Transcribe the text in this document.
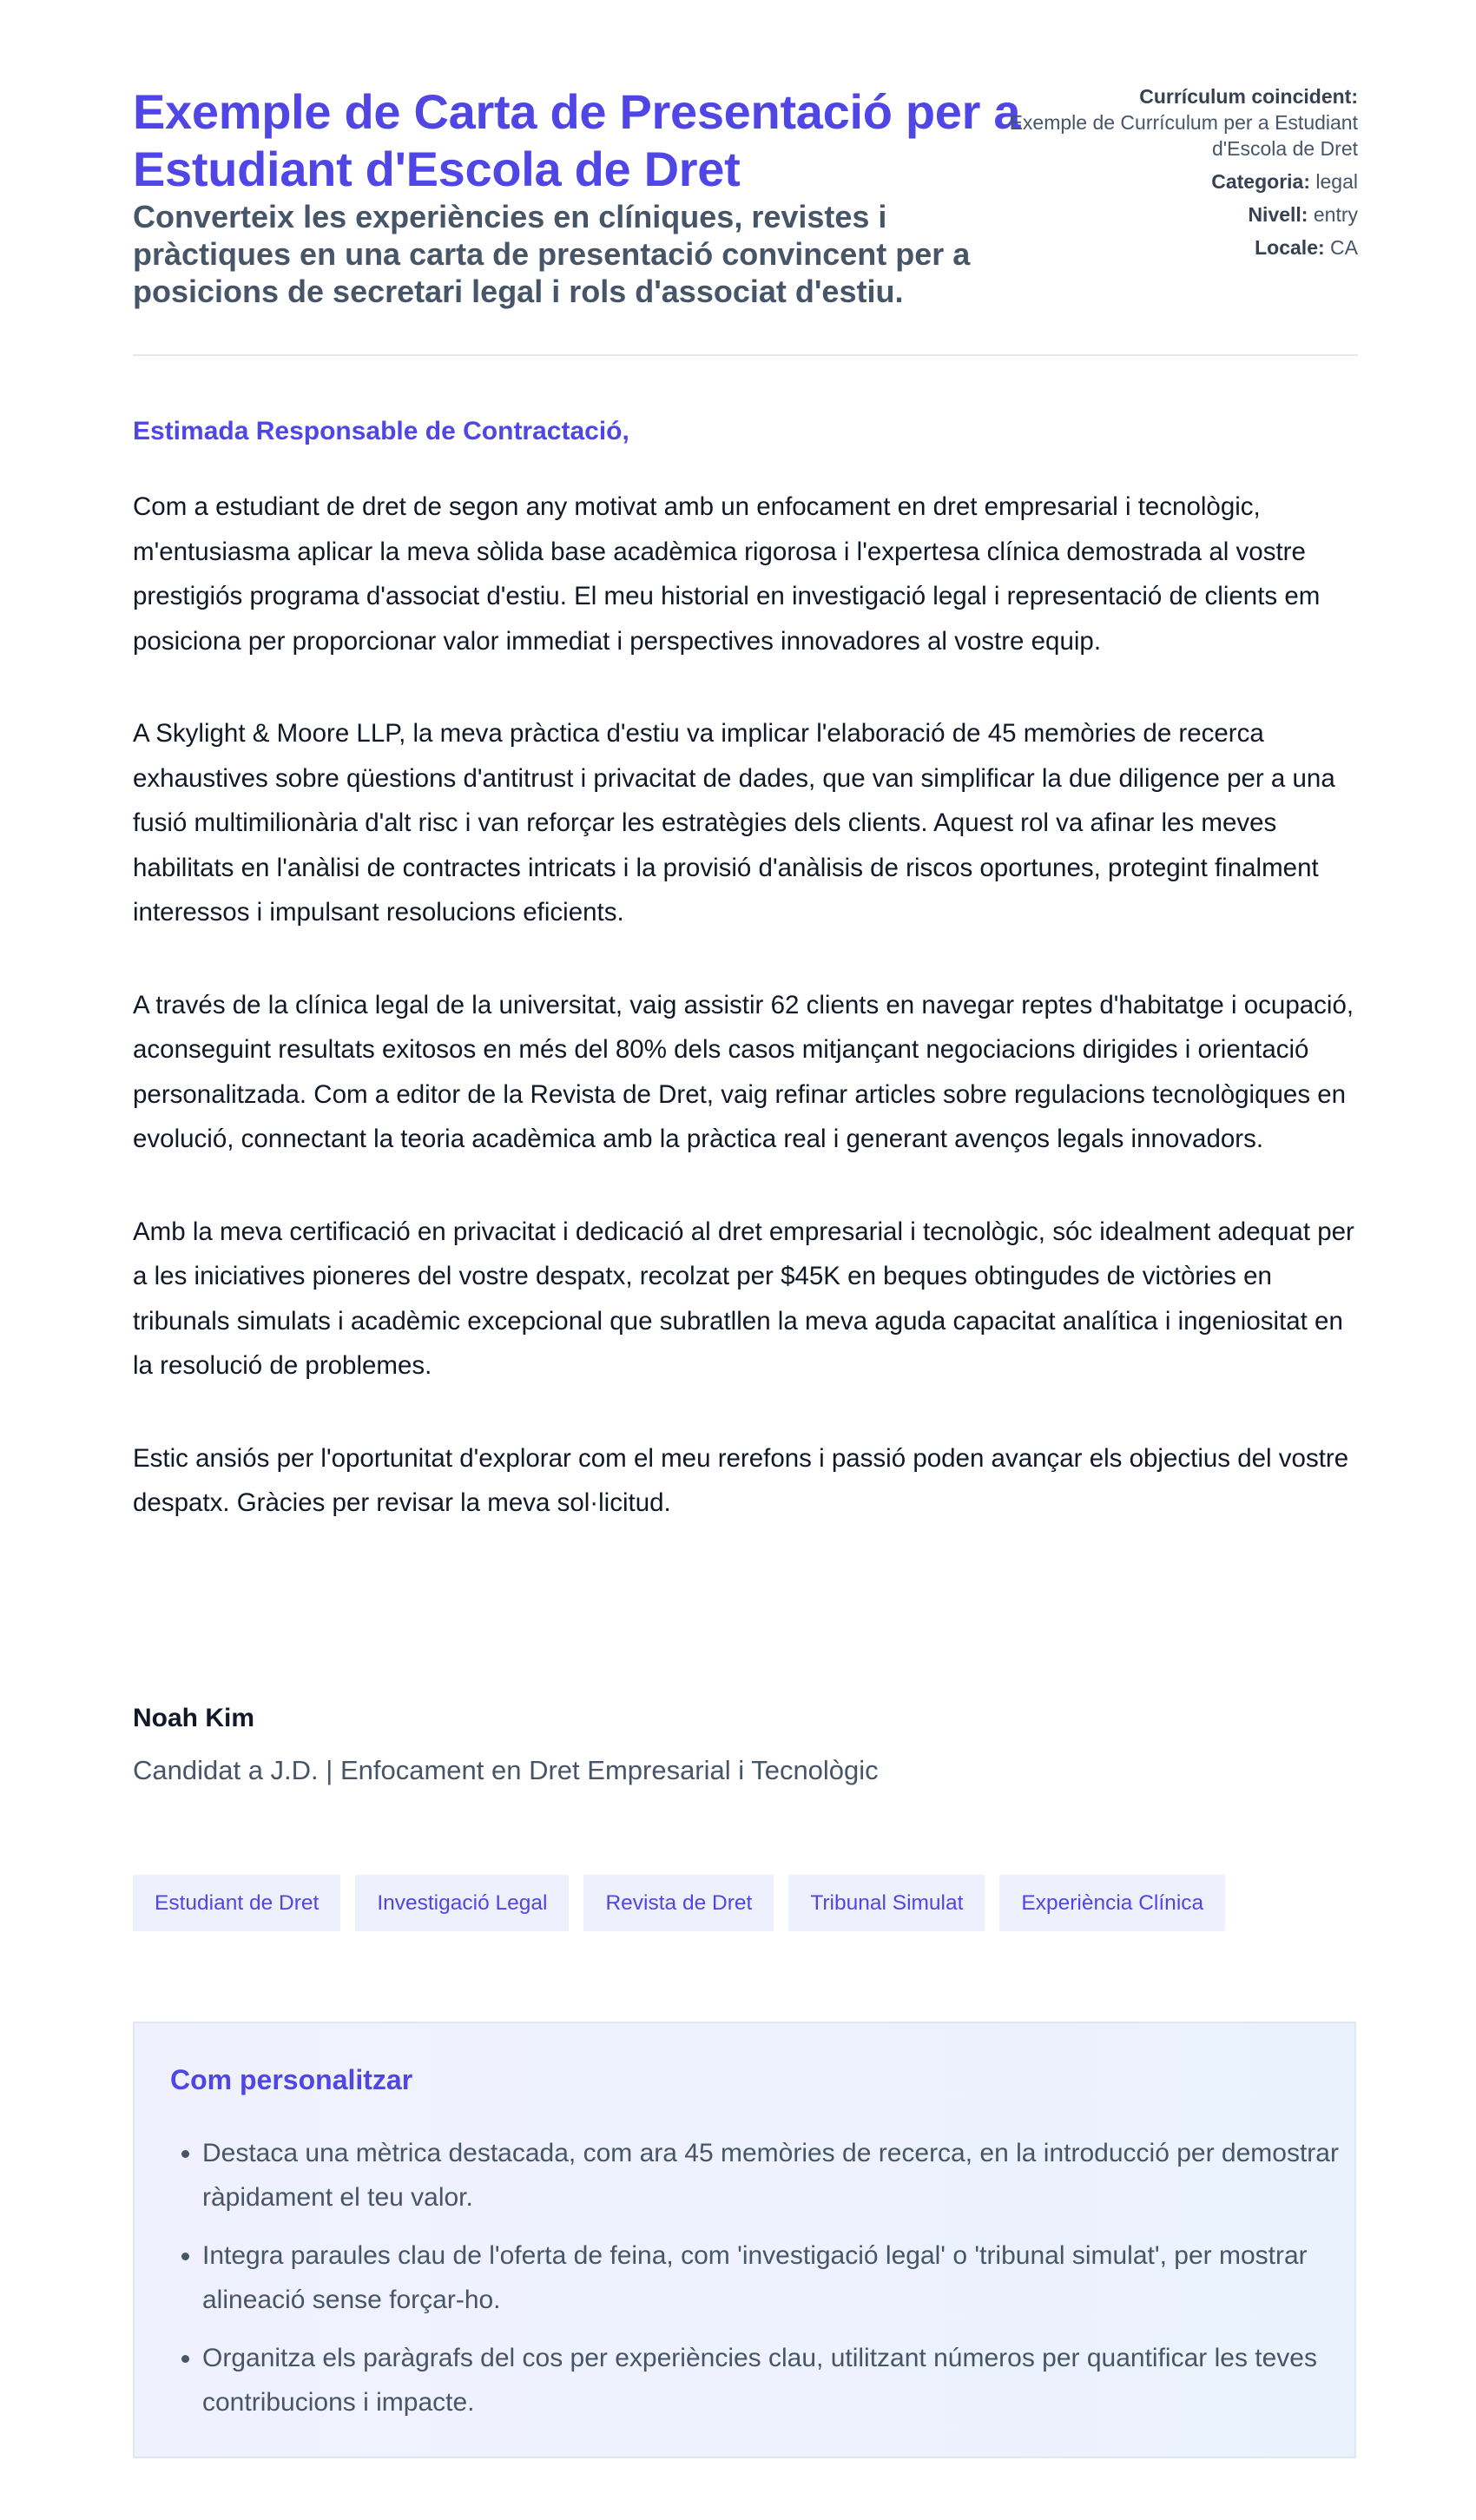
Exemple de Carta de Presentació per a Estudiant d'Escola de Dret
Converteix les experiències en clíniques, revistes i pràctiques en una carta de presentació convincent per a posicions de secretari legal i rols d'associat d'estiu.
Currículum coincident:
Exemple de Currículum per a Estudiant d'Escola de Dret
Categoria: legal
Nivell: entry
Locale: CA
Estimada Responsable de Contractació,

Com a estudiant de dret de segon any motivat amb un enfocament en dret empresarial i tecnològic, m'entusiasma aplicar la meva sòlida base acadèmica rigorosa i l'expertesa clínica demostrada al vostre prestigiós programa d'associat d'estiu. El meu historial en investigació legal i representació de clients em posiciona per proporcionar valor immediat i perspectives innovadores al vostre equip.

A Skylight & Moore LLP, la meva pràctica d'estiu va implicar l'elaboració de 45 memòries de recerca exhaustives sobre qüestions d'antitrust i privacitat de dades, que van simplificar la due diligence per a una fusió multimilionària d'alt risc i van reforçar les estratègies dels clients. Aquest rol va afinar les meves habilitats en l'anàlisi de contractes intricats i la provisió d'anàlisis de riscos oportunes, protegint finalment interessos i impulsant resolucions eficients.

A través de la clínica legal de la universitat, vaig assistir 62 clients en navegar reptes d'habitatge i ocupació, aconseguint resultats exitosos en més del 80% dels casos mitjançant negociacions dirigides i orientació personalitzada. Com a editor de la Revista de Dret, vaig refinar articles sobre regulacions tecnològiques en evolució, connectant la teoria acadèmica amb la pràctica real i generant avenços legals innovadors.

Amb la meva certificació en privacitat i dedicació al dret empresarial i tecnològic, sóc idealment adequat per a les iniciatives pioneres del vostre despatx, recolzat per $45K en beques obtingudes de victòries en tribunals simulats i acadèmic excepcional que subratllen la meva aguda capacitat analítica i ingeniositat en la resolució de problemes.

Estic ansiós per l'oportunitat d'explorar com el meu rerefons i passió poden avançar els objectius del vostre despatx. Gràcies per revisar la meva sol·licitud.

Noah Kim
Candidat a J.D. | Enfocament en Dret Empresarial i Tecnològic
Estudiant de Dret	Investigació Legal	Revista de Dret	Tribunal Simulat	Experiència Clínica
Com personalitzar
• Destaca una mètrica destacada, com ara 45 memòries de recerca, en la introducció per demostrar ràpidament el teu valor.
• Integra paraules clau de l'oferta de feina, com 'investigació legal' o 'tribunal simulat', per mostrar alineació sense forçar-ho.
• Organitza els paràgrafs del cos per experiències clau, utilitzant números per quantificar les teves contribucions i impacte.
